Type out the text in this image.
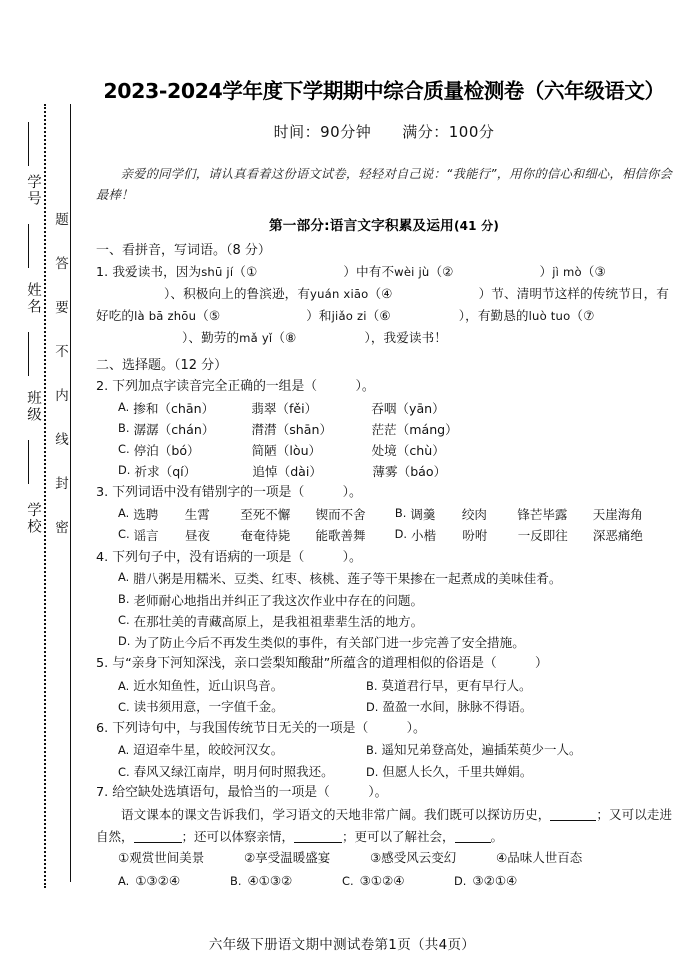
学号
姓名
班级
学校
题
答
要
不
内
线
封
密
2023-2024学年度下学期期中综合质量检测卷（六年级语文）
时间：90分钟　　满分：100分
亲爱的同学们，请认真看着这份语文试卷，轻轻对自己说：“我能行”，用你的信心和细心，相信你会最棒！
第一部分:语言文字积累及运用(41 分)
一、看拼音，写词语。（8 分）
1. 我爱读书，因为shū jí（①	）中有不wèi jù（②	）jì mò（③）、积极向上的鲁滨逊，有yuán xiāo（④	）节、清明节这样的传统节日，有好吃的là bā zhōu（⑤	）和jiǎo zi（⑥	），有勤恳的luò tuo（⑦）、勤劳的mǎ yǐ（⑧	），我爱读书！
二、选择题。（12 分）
2. 下列加点字读音完全正确的一组是（　　　）。
A. 掺和（chān）	翡翠（fěi）	吞咽（yān）
B. 潺潺（chán）	潸潸（shān）	茫茫（máng）
C. 停泊（bó）	简陋（lòu）	处境（chù）
D. 祈求（qí）	追悼（dài）	薄雾（báo）
3. 下列词语中没有错别字的一项是（　　　）。
A. 选聘	生霄	至死不懈	锲而不舍	B. 调羹	绞肉	锋芒毕露	天崖海角
C. 谣言	昼夜	奄奄待毙	能歌善舞	D. 小楷	吩咐	一反即往	深恶痛绝
4. 下列句子中，没有语病的一项是（　　　）。
A. 腊八粥是用糯米、豆类、红枣、核桃、莲子等干果掺在一起煮成的美味佳肴。
B. 老师耐心地指出并纠正了我这次作业中存在的问题。
C. 在那壮美的青藏高原上，是我祖祖辈辈生活的地方。
D. 为了防止今后不再发生类似的事件，有关部门进一步完善了安全措施。
5. 与“亲身下河知深浅，亲口尝梨知酸甜”所蕴含的道理相似的俗语是（　　　）
A. 近水知鱼性，近山识鸟音。	B. 莫道君行早，更有早行人。
C. 读书须用意，一字值千金。	D. 盈盈一水间，脉脉不得语。
6. 下列诗句中，与我国传统节日无关的一项是（　　　）。
A. 迢迢牵牛星，皎皎河汉女。	B. 遥知兄弟登高处，遍插茱萸少一人。
C. 春风又绿江南岸，明月何时照我还。	D. 但愿人长久，千里共婵娟。
7. 给空缺处选填语句，最恰当的一项是（　　　）。
语文课本的课文告诉我们，学习语文的天地非常广阔。我们既可以探访历史，	；又可以走进自然，	；还可以体察亲情，	；更可以了解社会，	。
①观赏世间美景	②享受温暖盛宴	③感受风云变幻	④品味人世百态
A. ①③②④	B. ④①③②	C. ③①②④	D. ③②①④
六年级下册语文期中测试卷第1页（共4页）
